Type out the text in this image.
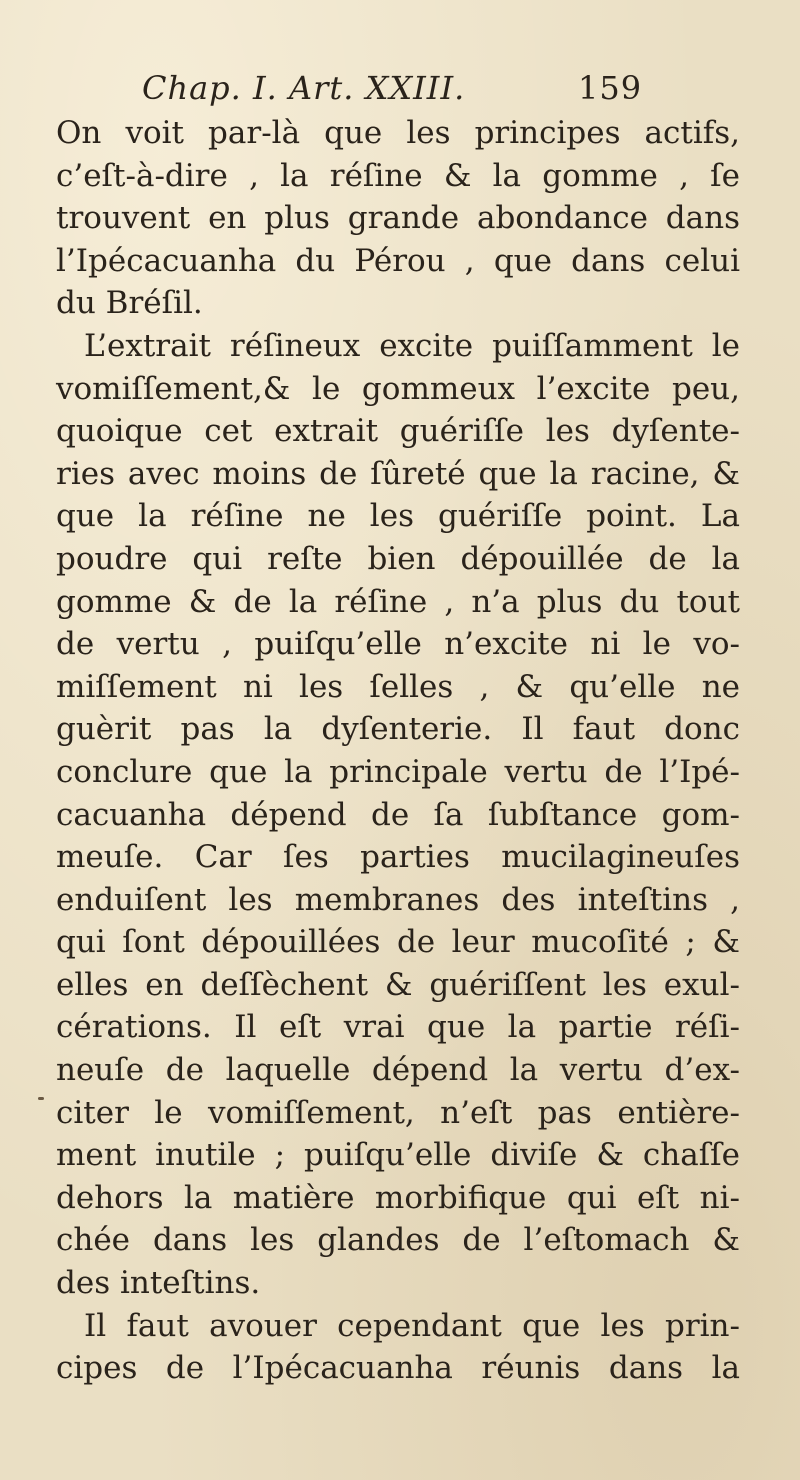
Chap. I. Art. XXIII.	159
On voit par-là que les principes actifs,
c’eſt-à-dire , la réſine & la gomme , ſe
trouvent en plus grande abondance dans
l’Ipécacuanha du Pérou , que dans celui
du Bréſil.
L’extrait réſineux excite puiſſamment le
vomiſſement,& le gommeux l’excite peu,
quoique cet extrait guériſſe les dyſente-
ries avec moins de ſûreté que la racine, &
que la réſine ne les guériſſe point. La
poudre qui reſte bien dépouillée de la
gomme & de la réſine , n’a plus du tout
de vertu , puiſqu’elle n’excite ni le vo-
miſſement ni les ſelles , & qu’elle ne
guèrit pas la dyſenterie. Il faut donc
conclure que la principale vertu de l’Ipé-
cacuanha dépend de ſa ſubſtance gom-
meuſe. Car ſes parties mucilagineuſes
enduiſent les membranes des inteſtins ,
qui ſont dépouillées de leur mucoſité ; &
elles en deſſèchent & guériſſent les exul-
cérations. Il eſt vrai que la partie réſi-
neuſe de laquelle dépend la vertu d’ex-
citer le vomiſſement, n’eſt pas entière-
ment inutile ; puiſqu’elle diviſe & chaſſe
dehors la matière morbifique qui eſt ni-
chée dans les glandes de l’eſtomach &
des inteſtins.
Il faut avouer cependant que les prin-
cipes de l’Ipécacuanha réunis dans la
